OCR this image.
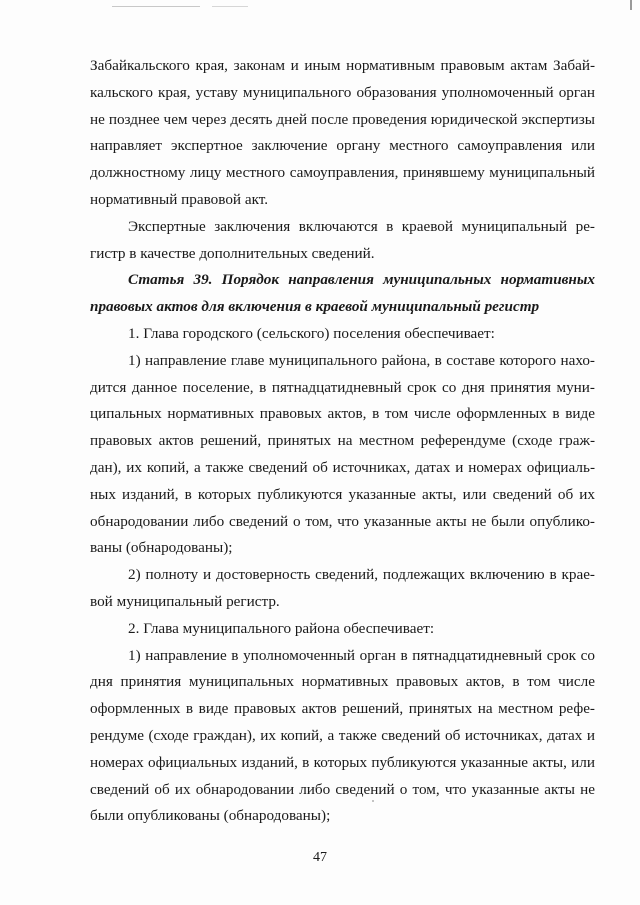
Забайкальского края, законам и иным нормативным правовым актам Забай-
кальского края, уставу муниципального образования уполномоченный орган
не позднее чем через десять дней после проведения юридической экспертизы
направляет экспертное заключение органу местного самоуправления или
должностному лицу местного самоуправления, принявшему муниципальный
нормативный правовой акт.
Экспертные заключения включаются в краевой муниципальный ре-
гистр в качестве дополнительных сведений.
Статья 39. Порядок направления муниципальных нормативных
правовых актов для включения в краевой муниципальный регистр
1. Глава городского (сельского) поселения обеспечивает:
1) направление главе муниципального района, в составе которого нахо-
дится данное поселение, в пятнадцатидневный срок со дня принятия муни-
ципальных нормативных правовых актов, в том числе оформленных в виде
правовых актов решений, принятых на местном референдуме (сходе граж-
дан), их копий, а также сведений об источниках, датах и номерах официаль-
ных изданий, в которых публикуются указанные акты, или сведений об их
обнародовании либо сведений о том, что указанные акты не были опублико-
ваны (обнародованы);
2) полноту и достоверность сведений, подлежащих включению в крае-
вой муниципальный регистр.
2. Глава муниципального района обеспечивает:
1) направление в уполномоченный орган в пятнадцатидневный срок со
дня принятия муниципальных нормативных правовых актов, в том числе
оформленных в виде правовых актов решений, принятых на местном рефе-
рендуме (сходе граждан), их копий, а также сведений об источниках, датах и
номерах официальных изданий, в которых публикуются указанные акты, или
сведений об их обнародовании либо сведений о том, что указанные акты не
были опубликованы (обнародованы);
47
